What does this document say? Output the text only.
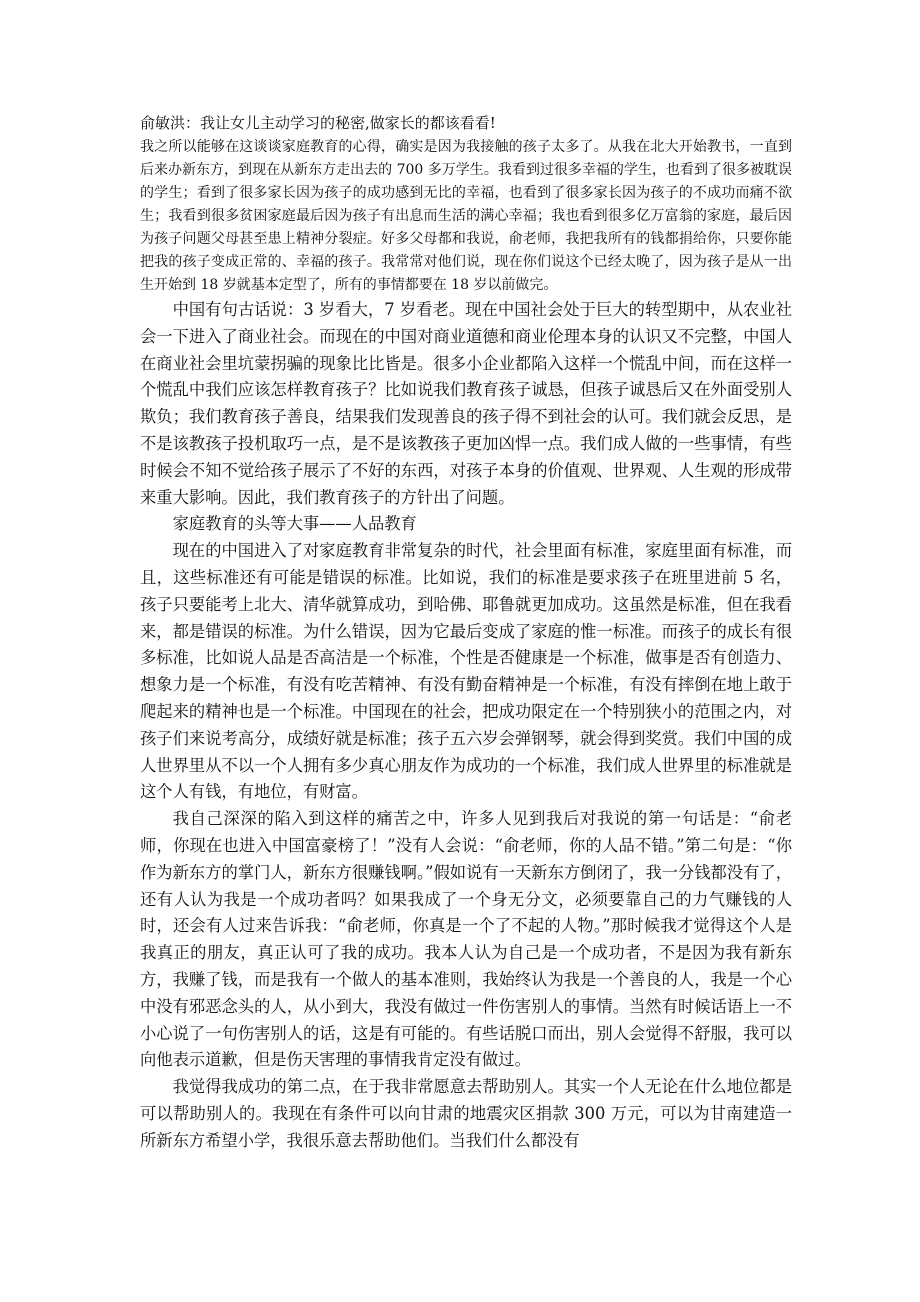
俞敏洪：我让女儿主动学习的秘密,做家长的都该看看!

我之所以能够在这谈谈家庭教育的心得，确实是因为我接触的孩子太多了。从我在北大开始教书，一直到后来办新东方，到现在从新东方走出去的 700 多万学生。我看到过很多幸福的学生，也看到了很多被耽误的学生；看到了很多家长因为孩子的成功感到无比的幸福，也看到了很多家长因为孩子的不成功而痛不欲生；我看到很多贫困家庭最后因为孩子有出息而生活的满心幸福；我也看到很多亿万富翁的家庭，最后因为孩子问题父母甚至患上精神分裂症。好多父母都和我说，俞老师，我把我所有的钱都捐给你，只要你能把我的孩子变成正常的、幸福的孩子。我常常对他们说，现在你们说这个已经太晚了，因为孩子是从一出生开始到 18 岁就基本定型了，所有的事情都要在 18 岁以前做完。

中国有句古话说：3 岁看大，7 岁看老。现在中国社会处于巨大的转型期中，从农业社会一下进入了商业社会。而现在的中国对商业道德和商业伦理本身的认识又不完整，中国人在商业社会里坑蒙拐骗的现象比比皆是。很多小企业都陷入这样一个慌乱中间，而在这样一个慌乱中我们应该怎样教育孩子？比如说我们教育孩子诚恳，但孩子诚恳后又在外面受别人欺负；我们教育孩子善良，结果我们发现善良的孩子得不到社会的认可。我们就会反思，是不是该教孩子投机取巧一点，是不是该教孩子更加凶悍一点。我们成人做的一些事情，有些时候会不知不觉给孩子展示了不好的东西，对孩子本身的价值观、世界观、人生观的形成带来重大影响。因此，我们教育孩子的方针出了问题。

家庭教育的头等大事——人品教育

现在的中国进入了对家庭教育非常复杂的时代，社会里面有标准，家庭里面有标准，而且，这些标准还有可能是错误的标准。比如说，我们的标准是要求孩子在班里进前 5 名，孩子只要能考上北大、清华就算成功，到哈佛、耶鲁就更加成功。这虽然是标准，但在我看来，都是错误的标准。为什么错误，因为它最后变成了家庭的惟一标准。而孩子的成长有很多标准，比如说人品是否高洁是一个标准，个性是否健康是一个标准，做事是否有创造力、想象力是一个标准，有没有吃苦精神、有没有勤奋精神是一个标准，有没有摔倒在地上敢于爬起来的精神也是一个标准。中国现在的社会，把成功限定在一个特别狭小的范围之内，对孩子们来说考高分，成绩好就是标准；孩子五六岁会弹钢琴，就会得到奖赏。我们中国的成人世界里从不以一个人拥有多少真心朋友作为成功的一个标准，我们成人世界里的标准就是这个人有钱，有地位，有财富。

我自己深深的陷入到这样的痛苦之中，许多人见到我后对我说的第一句话是：“俞老师，你现在也进入中国富豪榜了！”没有人会说：“俞老师，你的人品不错。”第二句是：“你作为新东方的掌门人，新东方很赚钱啊。”假如说有一天新东方倒闭了，我一分钱都没有了，还有人认为我是一个成功者吗？如果我成了一个身无分文，必须要靠自己的力气赚钱的人时，还会有人过来告诉我：“俞老师，你真是一个了不起的人物。”那时候我才觉得这个人是我真正的朋友，真正认可了我的成功。我本人认为自己是一个成功者，不是因为我有新东方，我赚了钱，而是我有一个做人的基本准则，我始终认为我是一个善良的人，我是一个心中没有邪恶念头的人，从小到大，我没有做过一件伤害别人的事情。当然有时候话语上一不小心说了一句伤害别人的话，这是有可能的。有些话脱口而出，别人会觉得不舒服，我可以向他表示道歉，但是伤天害理的事情我肯定没有做过。

我觉得我成功的第二点，在于我非常愿意去帮助别人。其实一个人无论在什么地位都是可以帮助别人的。我现在有条件可以向甘肃的地震灾区捐款 300 万元，可以为甘南建造一所新东方希望小学，我很乐意去帮助他们。当我们什么都没有
